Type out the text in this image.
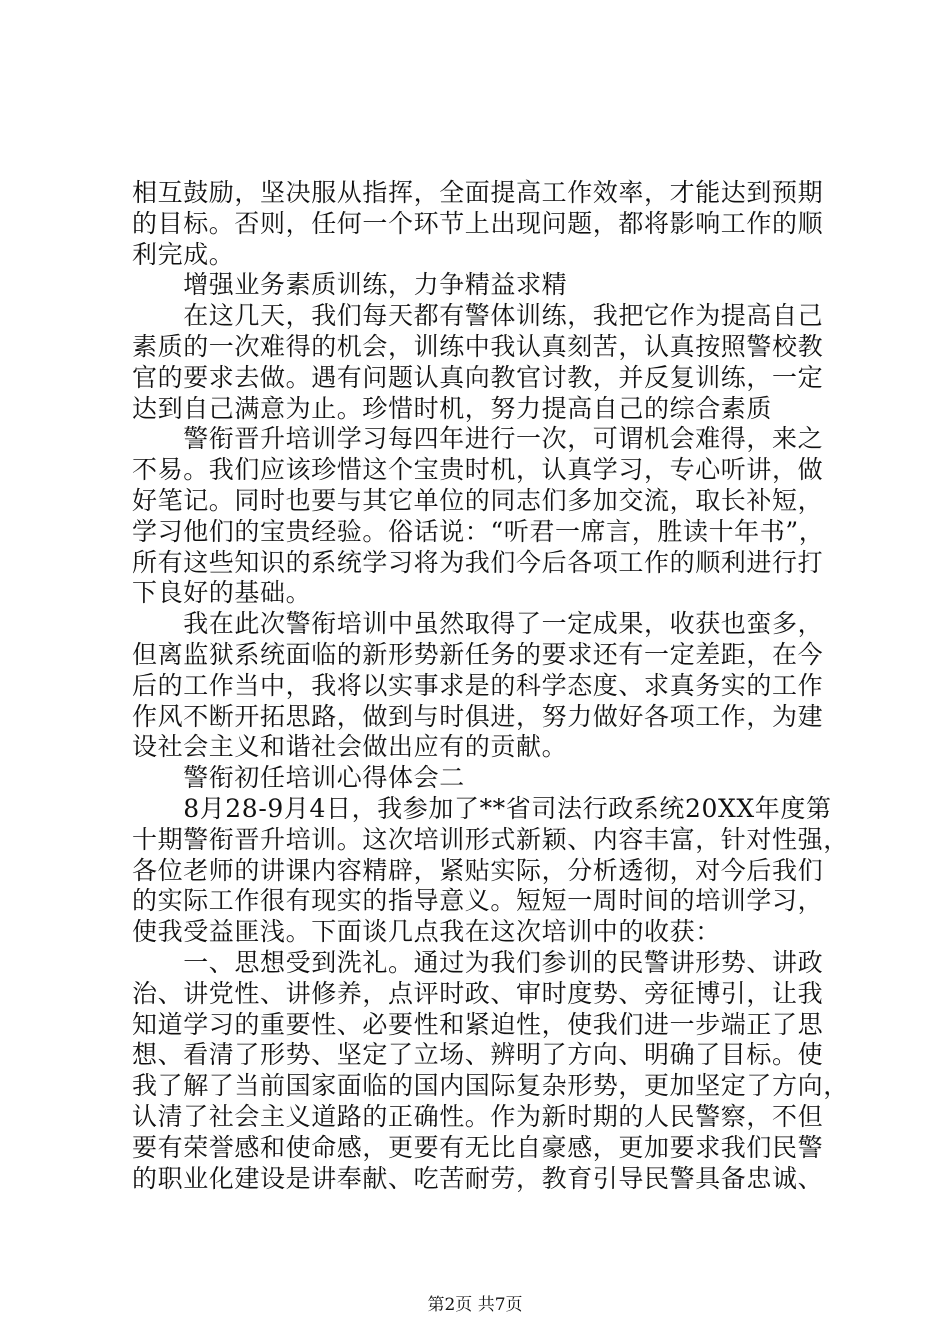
相互鼓励，坚决服从指挥，全面提高工作效率，才能达到预期
的目标。否则，任何一个环节上出现问题，都将影响工作的顺
利完成。
　　增强业务素质训练，力争精益求精
　　在这几天，我们每天都有警体训练，我把它作为提高自己
素质的一次难得的机会，训练中我认真刻苦，认真按照警校教
官的要求去做。遇有问题认真向教官讨教，并反复训练，一定
达到自己满意为止。珍惜时机，努力提高自己的综合素质
　　警衔晋升培训学习每四年进行一次，可谓机会难得，来之
不易。我们应该珍惜这个宝贵时机，认真学习，专心听讲，做
好笔记。同时也要与其它单位的同志们多加交流，取长补短，
学习他们的宝贵经验。俗话说：“听君一席言，胜读十年书”，
所有这些知识的系统学习将为我们今后各项工作的顺利进行打
下良好的基础。
　　我在此次警衔培训中虽然取得了一定成果，收获也蛮多，
但离监狱系统面临的新形势新任务的要求还有一定差距，在今
后的工作当中，我将以实事求是的科学态度、求真务实的工作
作风不断开拓思路，做到与时俱进，努力做好各项工作，为建
设社会主义和谐社会做出应有的贡献。
　　警衔初任培训心得体会二
　　8月28-9月4日，我参加了**省司法行政系统20XX年度第
十期警衔晋升培训。这次培训形式新颖、内容丰富，针对性强，
各位老师的讲课内容精辟，紧贴实际，分析透彻，对今后我们
的实际工作很有现实的指导意义。短短一周时间的培训学习，
使我受益匪浅。下面谈几点我在这次培训中的收获：
　　一、思想受到洗礼。通过为我们参训的民警讲形势、讲政
治、讲党性、讲修养，点评时政、审时度势、旁征博引，让我
知道学习的重要性、必要性和紧迫性，使我们进一步端正了思
想、看清了形势、坚定了立场、辨明了方向、明确了目标。使
我了解了当前国家面临的国内国际复杂形势，更加坚定了方向，
认清了社会主义道路的正确性。作为新时期的人民警察，不但
要有荣誉感和使命感，更要有无比自豪感，更加要求我们民警
的职业化建设是讲奉献、吃苦耐劳，教育引导民警具备忠诚、
第2页 共7页
